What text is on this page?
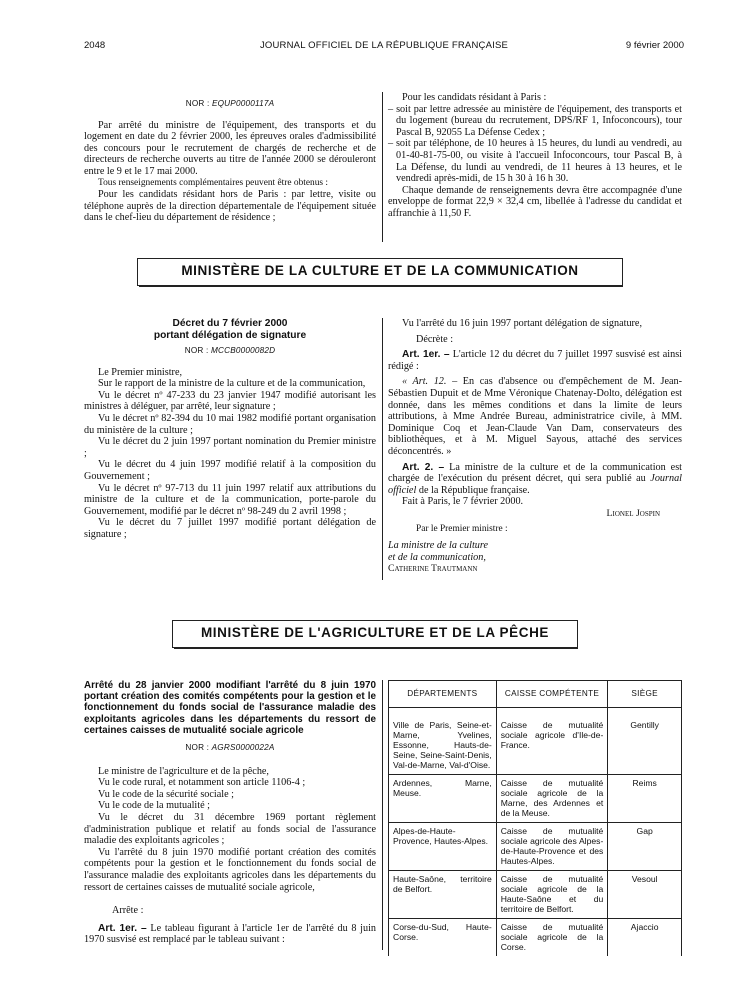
2048	JOURNAL OFFICIEL DE LA RÉPUBLIQUE FRANÇAISE	9 février 2000
NOR : EQUP0000117A

Par arrêté du ministre de l'équipement, des transports et du logement en date du 2 février 2000, les épreuves orales d'admissibilité des concours pour le recrutement de chargés de recherche et de directeurs de recherche ouverts au titre de l'année 2000 se dérouleront entre le 9 et le 17 mai 2000.

Tous renseignements complémentaires peuvent être obtenus :

Pour les candidats résidant hors de Paris : par lettre, visite ou téléphone auprès de la direction départementale de l'équipement située dans le chef-lieu du département de résidence ;

Pour les candidats résidant à Paris :

– soit par lettre adressée au ministère de l'équipement, des transports et du logement (bureau du recrutement, DPS/RF 1, Infoconcours), tour Pascal B, 92055 La Défense Cedex ;

– soit par téléphone, de 10 heures à 15 heures, du lundi au vendredi, au 01-40-81-75-00, ou visite à l'accueil Infoconcours, tour Pascal B, à La Défense, du lundi au vendredi, de 11 heures à 13 heures, et le vendredi après-midi, de 15 h 30 à 16 h 30.

Chaque demande de renseignements devra être accompagnée d'une enveloppe de format 22,9 × 32,4 cm, libellée à l'adresse du candidat et affranchie à 11,50 F.

MINISTÈRE DE LA CULTURE ET DE LA COMMUNICATION
Décret du 7 février 2000
portant délégation de signature
NOR : MCCB0000082D

Le Premier ministre,

Sur le rapport de la ministre de la culture et de la communication,

Vu le décret nº 47-233 du 23 janvier 1947 modifié autorisant les ministres à déléguer, par arrêté, leur signature ;

Vu le décret nº 82-394 du 10 mai 1982 modifié portant organisation du ministère de la culture ;

Vu le décret du 2 juin 1997 portant nomination du Premier ministre ;

Vu le décret du 4 juin 1997 modifié relatif à la composition du Gouvernement ;

Vu le décret nº 97-713 du 11 juin 1997 relatif aux attributions du ministre de la culture et de la communication, porte-parole du Gouvernement, modifié par le décret nº 98-249 du 2 avril 1998 ;

Vu le décret du 7 juillet 1997 modifié portant délégation de signature ;

Vu l'arrêté du 16 juin 1997 portant délégation de signature,

Décrète :

Art. 1er. – L'article 12 du décret du 7 juillet 1997 susvisé est ainsi rédigé :

« Art. 12. – En cas d'absence ou d'empêchement de M. Jean-Sébastien Dupuit et de Mme Véronique Chatenay-Dolto, délégation est donnée, dans les mêmes conditions et dans la limite de leurs attributions, à Mme Andrée Bureau, administratrice civile, à MM. Dominique Coq et Jean-Claude Van Dam, conservateurs des bibliothèques, et à M. Miguel Sayous, attaché des services déconcentrés. »

Art. 2. – La ministre de la culture et de la communication est chargée de l'exécution du présent décret, qui sera publié au Journal officiel de la République française.

Fait à Paris, le 7 février 2000.

Lionel Jospin

Par le Premier ministre :

La ministre de la culture

et de la communication,

Catherine Trautmann

MINISTÈRE DE L'AGRICULTURE ET DE LA PÊCHE
Arrêté du 28 janvier 2000 modifiant l'arrêté du 8 juin 1970 portant création des comités compétents pour la gestion et le fonctionnement du fonds social de l'assurance maladie des exploitants agricoles dans les départements du ressort de certaines caisses de mutualité sociale agricole
NOR : AGRS0000022A

Le ministre de l'agriculture et de la pêche,

Vu le code rural, et notamment son article 1106-4 ;

Vu le code de la sécurité sociale ;

Vu le code de la mutualité ;

Vu le décret du 31 décembre 1969 portant règlement d'administration publique et relatif au fonds social de l'assurance maladie des exploitants agricoles ;

Vu l'arrêté du 8 juin 1970 modifié portant création des comités compétents pour la gestion et le fonctionnement du fonds social de l'assurance maladie des exploitants agricoles dans les départements du ressort de certaines caisses de mutualité sociale agricole,

Arrête :

Art. 1er. – Le tableau figurant à l'article 1er de l'arrêté du 8 juin 1970 susvisé est remplacé par le tableau suivant :

DÉPARTEMENTS	CAISSE COMPÉTENTE	SIÈGE
Ville de Paris, Seine-et-Marne, Yvelines, Essonne, Hauts-de-Seine, Seine-Saint-Denis, Val-de-Marne, Val-d'Oise.	Caisse de mutualité sociale agricole d'Ile-de-France.	Gentilly
Ardennes, Marne, Meuse.	Caisse de mutualité sociale agricole de la Marne, des Ardennes et de la Meuse.	Reims
Alpes-de-Haute-Provence, Hautes-Alpes.	Caisse de mutualité sociale agricole des Alpes-de-Haute-Provence et des Hautes-Alpes.	Gap
Haute-Saône, territoire de Belfort.	Caisse de mutualité sociale agricole de la Haute-Saône et du territoire de Belfort.	Vesoul
Corse-du-Sud, Haute-Corse.	Caisse de mutualité sociale agricole de la Corse.	Ajaccio
